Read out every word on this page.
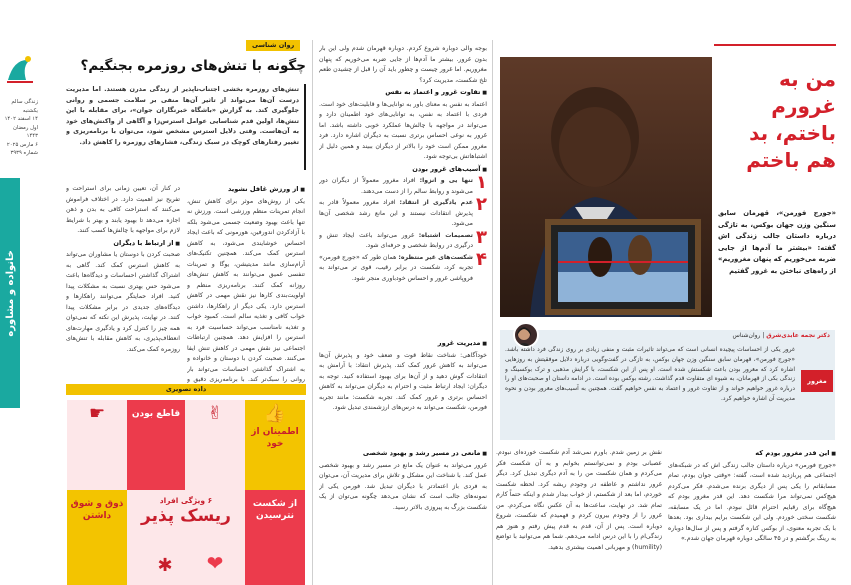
زندگی سالم
یکشنبه
۱۴ اسفند ۱۴۰۲
اول رمضان ۱۴۴۳
۶ مارس ۲۰۲۵
شماره ۳۹۳۹
خانواده و مشاوره
روان شناسی
چگونه با تنش‌های روزمره بجنگیم؟
تنش‌های روزمره بخشی اجتناب‌ناپذیر از زندگی مدرن هستند. اما مدیریت درست آن‌ها می‌تواند از تاثیر آن‌ها منفی بر سلامت جسمی و روانی جلوگیری کند. به گزارش «باشگاه خبرنگاران جوان»، برای مقابله با این تنش‌ها، اولین قدم شناسایی عوامل استرس‌زا و آگاهی از واکنش‌های خود به آن‌هاست. وقتی دلایل استرس مشخص شود، می‌توان با برنامه‌ریزی و تغییر رفتارهای کوچک در سبک زندگی، فشارهای روزمره را کاهش داد.

■ از ورزش غافل نشوید

یکی از روش‌های موثر برای کاهش تنش، انجام تمرینات منظم ورزشی است. ورزش نه تنها باعث بهبود وضعیت جسمی می‌شود بلکه با آزادکردن اندورفین، هورمونی که باعث ایجاد احساس خوشایندی می‌شود، به کاهش استرس کمک می‌کند. همچنین تکنیک‌های آرام‌سازی مانند مدیتیشن، یوگا و تمرینات تنفسی عمیق می‌توانند به کاهش تنش‌های روزانه کمک کنند. برنامه‌ریزی منظم و اولویت‌بندی کارها نیز نقش مهمی در کاهش استرس دارد. یکی دیگر از راهکارها، داشتن خواب کافی و تغذیه سالم است. کمبود خواب و تغذیه نامناسب می‌تواند حساسیت فرد به استرس را افزایش دهد. همچنین ارتباطات اجتماعی نیز نقش مهمی در کاهش تنش ایفا می‌کنند. صحبت کردن با دوستان و خانواده و به اشتراک گذاشتن احساسات می‌تواند بار روانی را سبک‌تر کند. با برنامه‌ریزی دقیق و

در کنار آن، تعیین زمانی برای استراحت و تفریح نیز اهمیت دارد. در اختلاف فراموش می‌کنند که استراحت کافی به بدن و ذهن اجازه می‌دهد تا بهبود یابند و بهتر با شرایط لازم برای مواجهه با چالش‌ها کسب کنند.

■ از ارتباط با دیگران

صحبت کردن با دوستان یا مشاوران می‌تواند به کاهش استرس کمک کند. گاهی به اشتراک گذاشتن احساسات و دیدگاه‌ها باعث می‌شود حس بهتری نسبت به مشکلات پیدا کنید. افراد حمایتگر می‌توانند راهکارها و دیدگاه‌های جدیدی در برابر مشکلات پیدا کنند. در نهایت، پذیرش این نکته که نمی‌توان همه چیز را کنترل کرد و یادگیری مهارت‌های انعطاف‌پذیری، به کاهش مقابله با تنش‌های روزمره کمک می‌کند.

داده تصویری
👍
اطمینان از خود
✌
قاطع بودن
☛
ذوق و شوق داشتن
از شکست نترسیدن
۶ ویژگی افراد
ریسک پذیر
❤
✱

بوجه والی دوباره شروع کردم. دوباره قهرمان شدم ولی این بار بدون غرور. بیشتر ما آدم‌ها از جایی ضربه می‌خوریم که پنهان مغروریم. اما غرور چیست و چطور باید آن را قبل از چشیدن طعم تلخ شکست، مدیریت کرد؟

■ تفاوت غرور و اعتماد به نفس

اعتماد به نفس به معنای باور به توانایی‌ها و قابلیت‌های خود است. فردی با اعتماد به نفس، به توانایی‌های خود اطمینان دارد و می‌تواند در مواجهه با چالش‌ها عملکرد خوبی داشته باشد. اما غرور به نوعی احساس برتری نسبت به دیگران اشاره دارد. فرد مغرور ممکن است خود را بالاتر از دیگران ببیند و همین دلیل از اشتباهاتش بی‌توجه شود.

■ آسیب‌های غرور بودن

۱

تنها یی و انزوا: افراد مغرور معمولاً از دیگران دور می‌شوند و روابط سالم را از دست می‌دهند.

۲

عدم یادگیری از انتقاد: افراد مغرور معمولاً قادر به پذیرش انتقادات نیستند و این مانع رشد شخصی آن‌ها می‌شود.

۳

تصمیمات اشتباه: غرور می‌تواند باعث ایجاد تنش و درگیری در روابط شخصی و حرفه‌ای شود.

۴

شکست‌های غیر منتظره: همان طور که «جورج فورمن» تجربه کرد، شکست در برابر رقیب، قوی تر می‌تواند به فروپاشی غرور و احساس خودباوری منجر شود.

■ مدیریت غرور

خودآگاهی: شناخت نقاط قوت و ضعف خود و پذیرش آن‌ها می‌تواند به کاهش غرور کمک کند. پذیرش انتقاد: با آرامش به انتقادات گوش دهید و از آن‌ها برای بهبود استفاده کنید. توجه به دیگران: ایجاد ارتباط مثبت و احترام به دیگران می‌تواند به کاهش احساس برتری و غرور کمک کند. تجربه شکست: مانند تجربه فورمن، شکست می‌تواند به درس‌های ارزشمندی تبدیل شود.

■ مانعی در مسیر رشد و بهبود شخصی

غرور می‌تواند به عنوان یک مانع در مسیر رشد و بهبود شخصی عمل کند. با شناخت این مشکل و تلاش برای مدیریت آن، می‌توان به فردی باز اعتمادتر با دیگران تبدیل شد. فورمن یکی از نمونه‌های جالب است که نشان می‌دهد چگونه می‌توان از یک شکست بزرگ به پیروزی بالاتر رسید.

من به
غرورم
باختم، بد
هم باختم
«جورج فورمن»، قهرمان سابق سنگین وزن جهان بوکس، به تازگی درباره داستان جالب زندگی اش گفته: «بیشتر ما آدم‌ها از جایی ضربه می‌خوریم که پنهان مغروریم» از راه‌های نباختن به غرور گفتیم
دکتر نجمه عابدی‌شرق | روان‌شناس
مغرور
غرور یکی از احساسات پیچیده انسانی است که می‌تواند تاثیرات مثبت و منفی زیادی بر روی زندگی فرد داشته باشد. «جورج فورمن»، قهرمان سابق سنگین وزن جهان بوکس، به تازگی در گفت‌وگویی درباره دلایل موفقیتش به روزهایی اشاره کرد که مغرور بودن باعث شکستش شده است. او پس از این شکست، با گرایش مذهبی و ترک بوکسینگ و زندگی بکی از قهرمانان، به شیوه ای متفاوت قدم گذاشت. رشته بوکس بوده است. در ادامه داستان او صحبت‌های او را درباره غرور خواهیم خواند و از تفاوت غرور و اعتماد به نفس خواهیم گفت. همچنین به آسیب‌های مغرور بودن و نحوه مدیریت آن اشاره خواهیم کرد.

■ این قدر مغرور بودم که

«جورج فورمن» درباره داستان جالب زندگی اش که در شبکه‌های اجتماعی هم پربازدید شده است، گفته: «وقتی جوان بودم، تمام مسابقاتم را یکی پس از دیگری برنده می‌شدم. فکر می‌کردم هیچ‌کس نمی‌تواند مرا شکست دهد. این قدر مغرور بودم که هیچ‌گاه برای رقبایم احترام قائل نبودم. اما در یک مسابقه، شکست سختی خوردم. ولی این شکست برایم بیداری بود. بعدها با یک تجربه معنوی، از بوکس کناره گرفتم و پس از سال‌ها دوباره به رینگ برگشتم و در ۴۵ سالگی دوباره قهرمان جهان شدم.»

نقش بر زمین شدم. باورم نمی‌شد آدم شکست خورده‌ای نبودم. عصبانی بودم و نمی‌توانستم بخوابم و به آن شکست فکر می‌کردم و همان شکست من را به آدم دیگری تبدیل کرد. دیگر غرور نداشتم و عاطفه در وجودم ریشه کرد. لحظه شکست خوردم، اما بعد از شکستم، از خواب بیدار شدم و اینکه حتماً کارم تمام شد. در نهایت، ساعت‌ها به آن عکس نگاه می‌کردم. من غرور را از وجودم بیرون کردم و فهمیدم که شکست، شروع دوباره است. پس از آن، قدم به قدم پیش رفتم و هنوز هم زندگی‌ام را با این درس ادامه می‌دهم. شما هم می‌توانید با تواضع (humility) و مهربانی اهمیت بیشتری بدهید.
